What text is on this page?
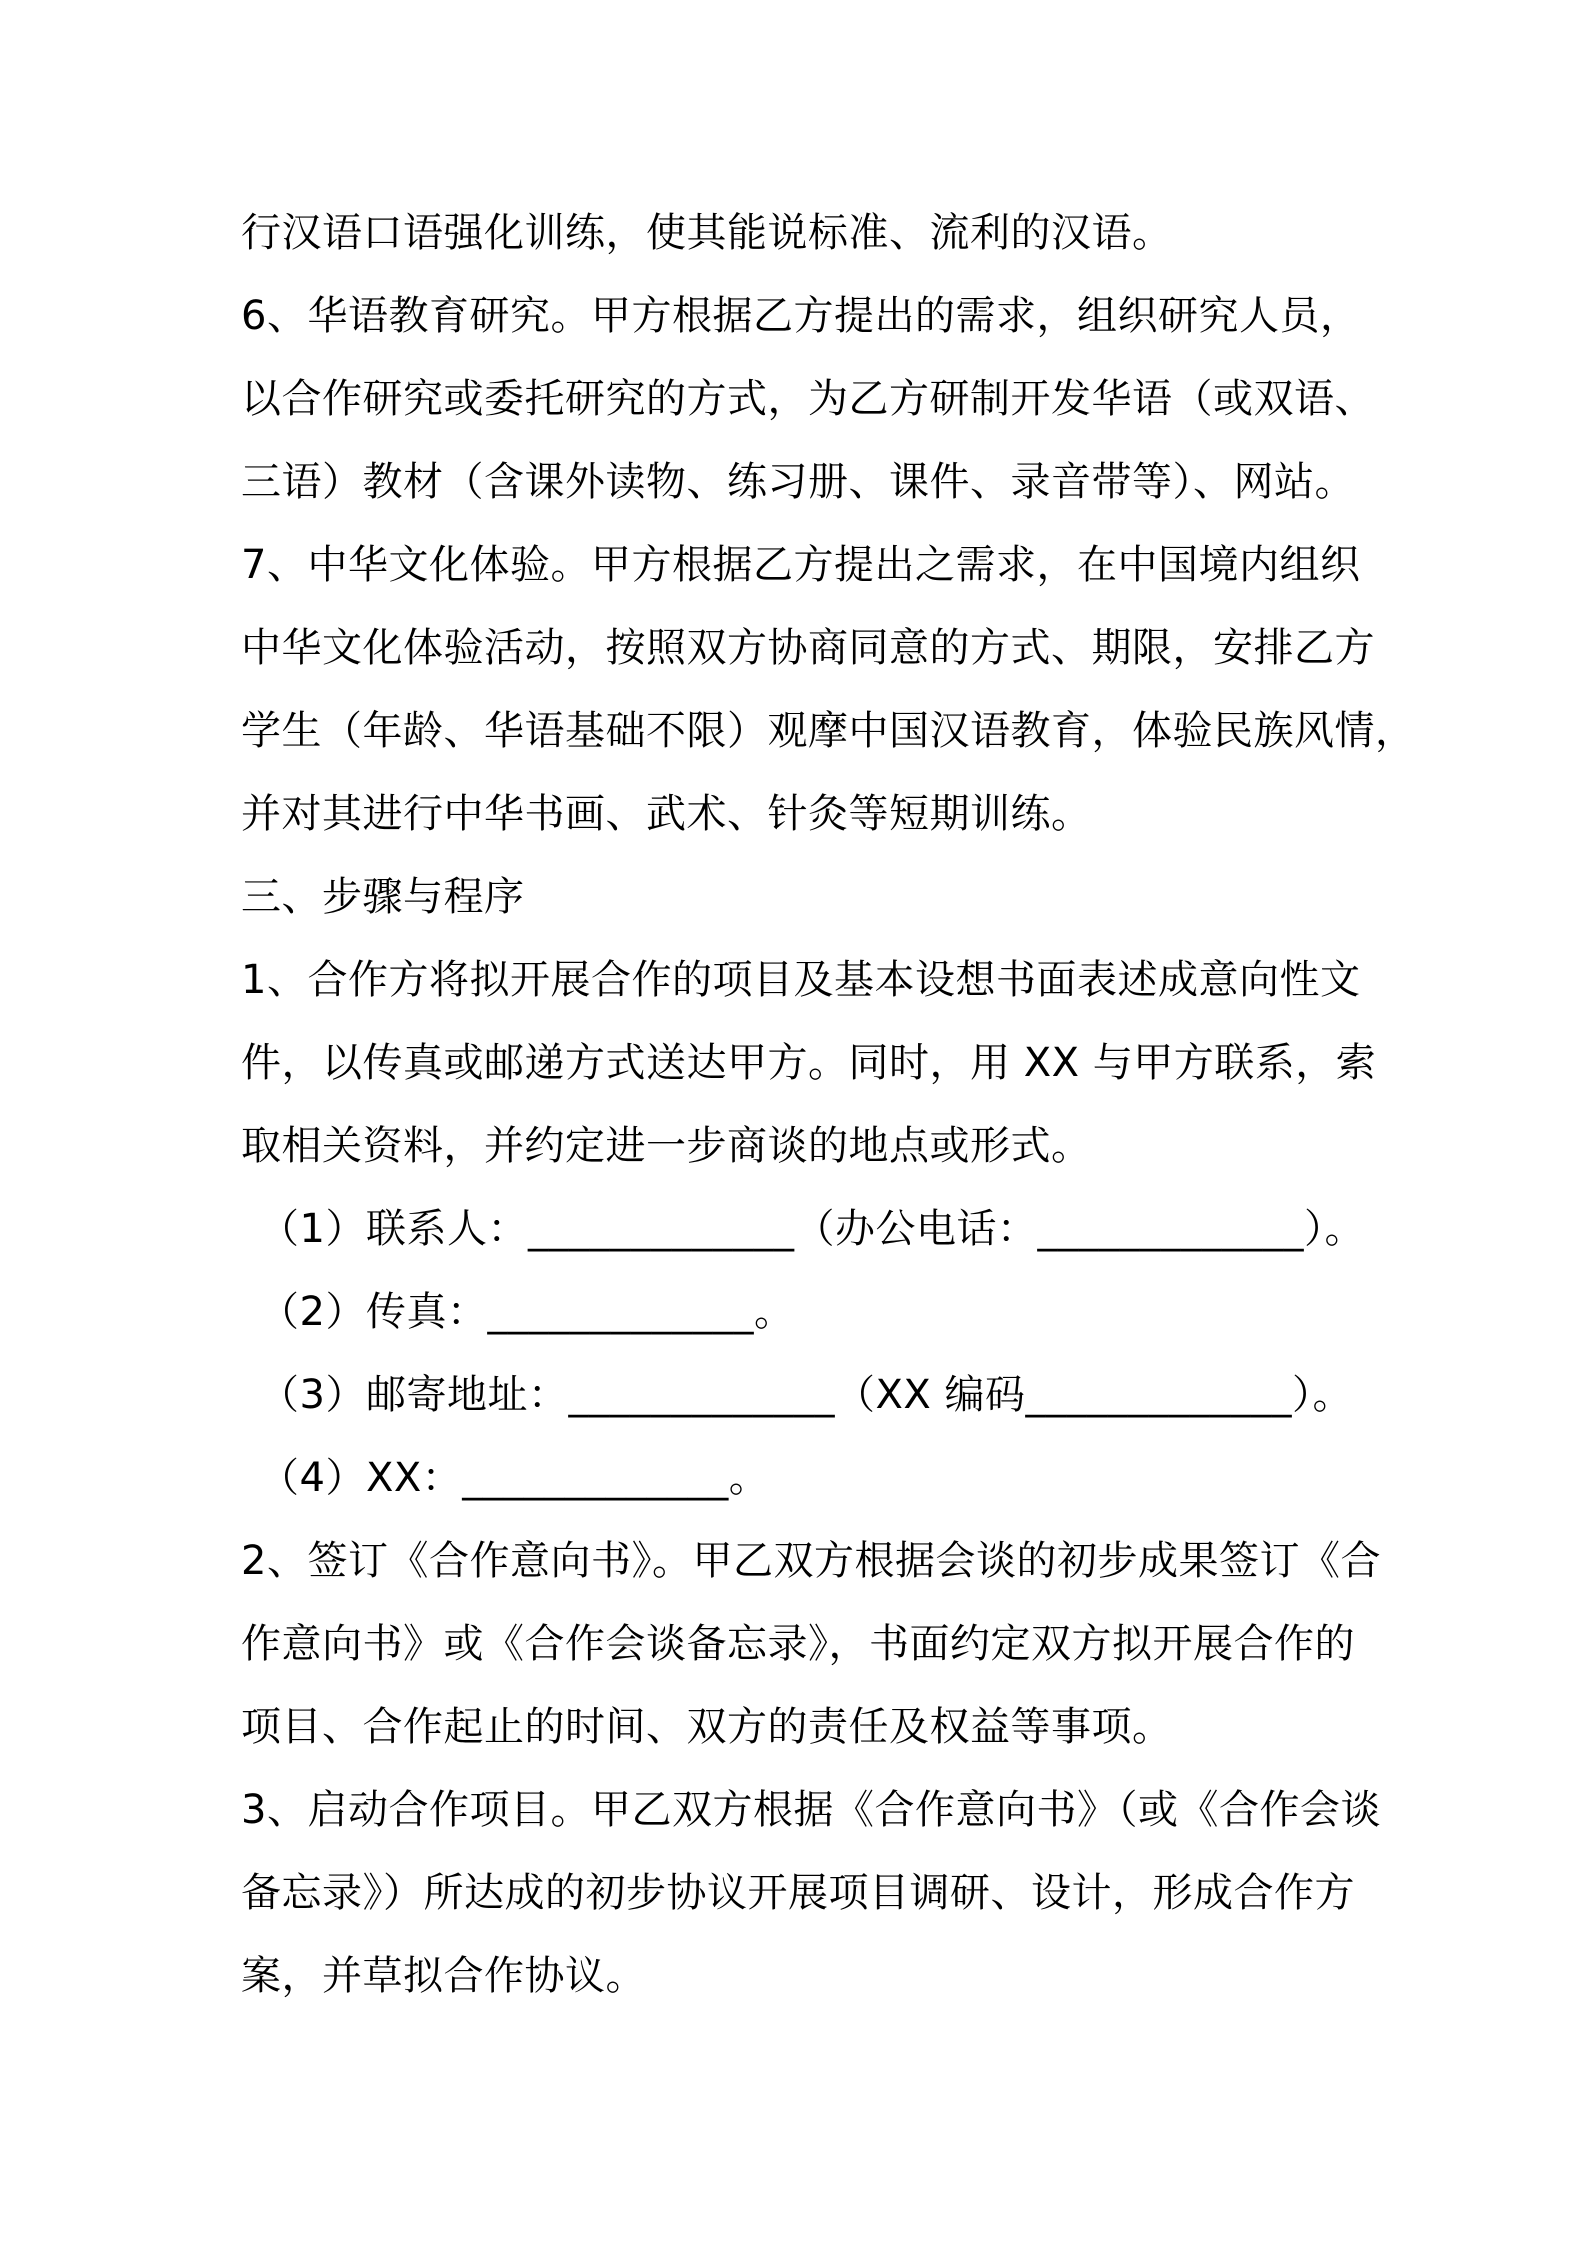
行汉语口语强化训练，使其能说标准、流利的汉语。
6、华语教育研究。甲方根据乙方提出的需求，组织研究人员，
以合作研究或委托研究的方式，为乙方研制开发华语（或双语、
三语）教材（含课外读物、练习册、课件、录音带等）、网站。
7、中华文化体验。甲方根据乙方提出之需求，在中国境内组织
中华文化体验活动，按照双方协商同意的方式、期限，安排乙方
学生（年龄、华语基础不限）观摩中国汉语教育，体验民族风情，
并对其进行中华书画、武术、针灸等短期训练。
三、步骤与程序
1、合作方将拟开展合作的项目及基本设想书面表述成意向性文
件，以传真或邮递方式送达甲方。同时，用 XX 与甲方联系，索
取相关资料，并约定进一步商谈的地点或形式。
（1）联系人：_____________（办公电话：_____________）。
（2）传真：_____________。
（3）邮寄地址：_____________（XX 编码_____________）。
（4）XX：_____________。
2、签订《合作意向书》。甲乙双方根据会谈的初步成果签订《合
作意向书》或《合作会谈备忘录》，书面约定双方拟开展合作的
项目、合作起止的时间、双方的责任及权益等事项。
3、启动合作项目。甲乙双方根据《合作意向书》（或《合作会谈
备忘录》）所达成的初步协议开展项目调研、设计，形成合作方
案，并草拟合作协议。
